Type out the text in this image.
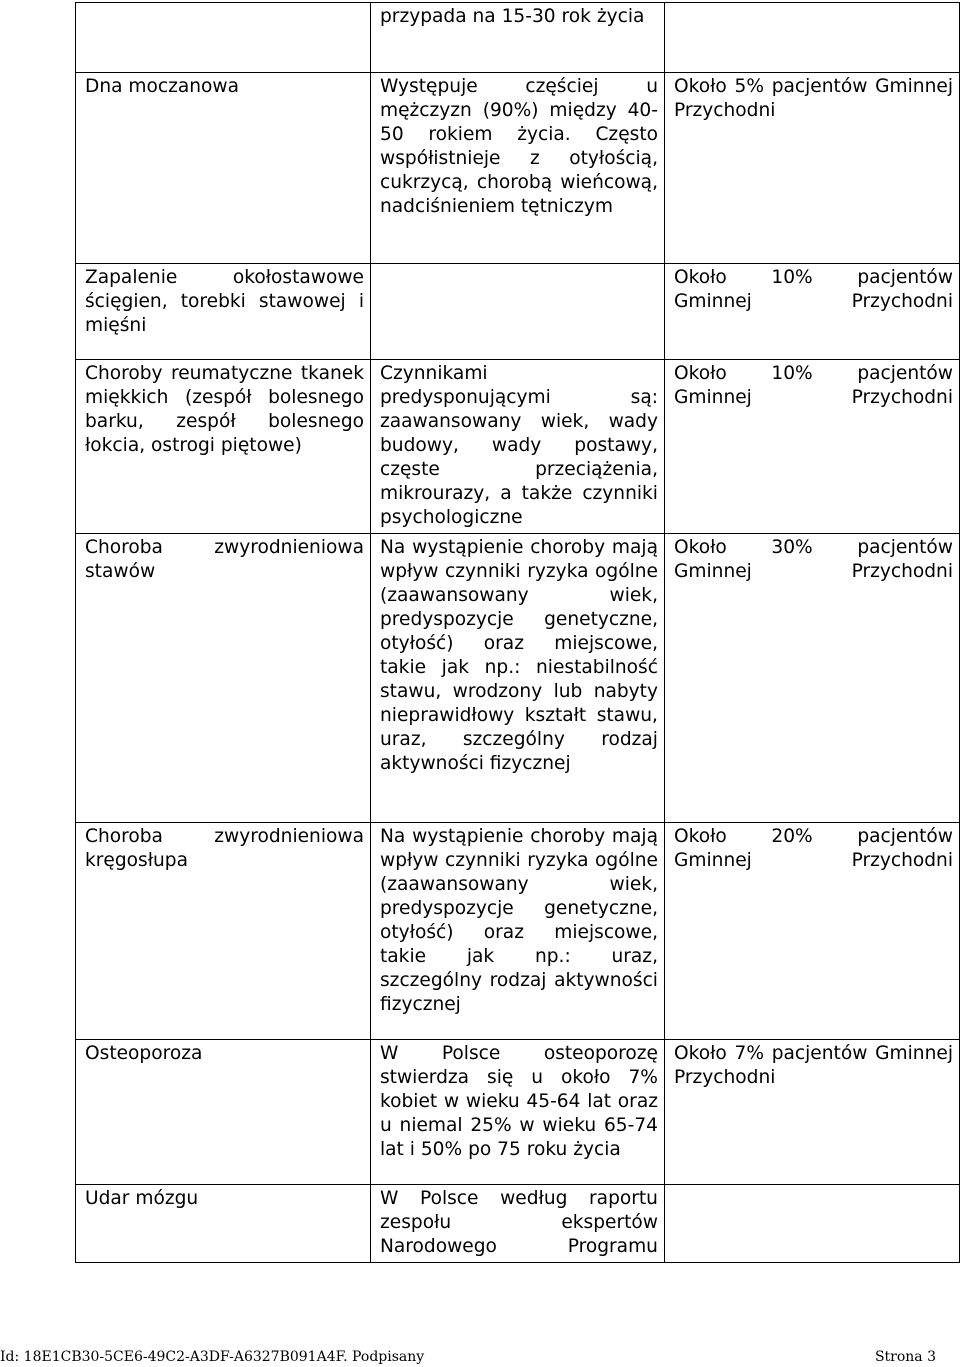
	przypada na 15-30 rok życia	

Dna moczanowa	Występuje częściej u mężczyzn (90%) między 40-50 rokiem życia. Często współistnieje z otyłością, cukrzycą, chorobą wieńcową, nadciśnieniem tętniczym	Około 5% pacjentów Gminnej Przychodni

Zapalenie okołostawowe ścięgien, torebki stawowej i mięśni		Około 10% pacjentów Gminnej Przychodni

Choroby reumatyczne tkanek miękkich (zespół bolesnego barku, zespół bolesnego łokcia, ostrogi piętowe)	Czynnikami predysponującymi są: zaawansowany wiek, wady budowy, wady postawy, częste przeciążenia, mikrourazy, a także czynniki psychologiczne	Około 10% pacjentów Gminnej Przychodni

Choroba zwyrodnieniowa stawów	Na wystąpienie choroby mają wpływ czynniki ryzyka ogólne (zaawansowany wiek, predyspozycje genetyczne, otyłość) oraz miejscowe, takie jak np.: niestabilność stawu, wrodzony lub nabyty nieprawidłowy kształt stawu, uraz, szczególny rodzaj aktywności fizycznej	Około 30% pacjentów Gminnej Przychodni

Choroba zwyrodnieniowa kręgosłupa	Na wystąpienie choroby mają wpływ czynniki ryzyka ogólne (zaawansowany wiek, predyspozycje genetyczne, otyłość) oraz miejscowe, takie jak np.: uraz, szczególny rodzaj aktywności fizycznej	Około 20% pacjentów Gminnej Przychodni

Osteoporoza	W Polsce osteoporozę stwierdza się u około 7% kobiet w wieku 45-64 lat oraz u niemal 25% w wieku 65-74 lat i 50% po 75 roku życia	Około 7% pacjentów Gminnej Przychodni

Udar mózgu	W Polsce według raportu zespołu ekspertów Narodowego Programu	

Id: 18E1CB30-5CE6-49C2-A3DF-A6327B091A4F. Podpisany	Strona 3
